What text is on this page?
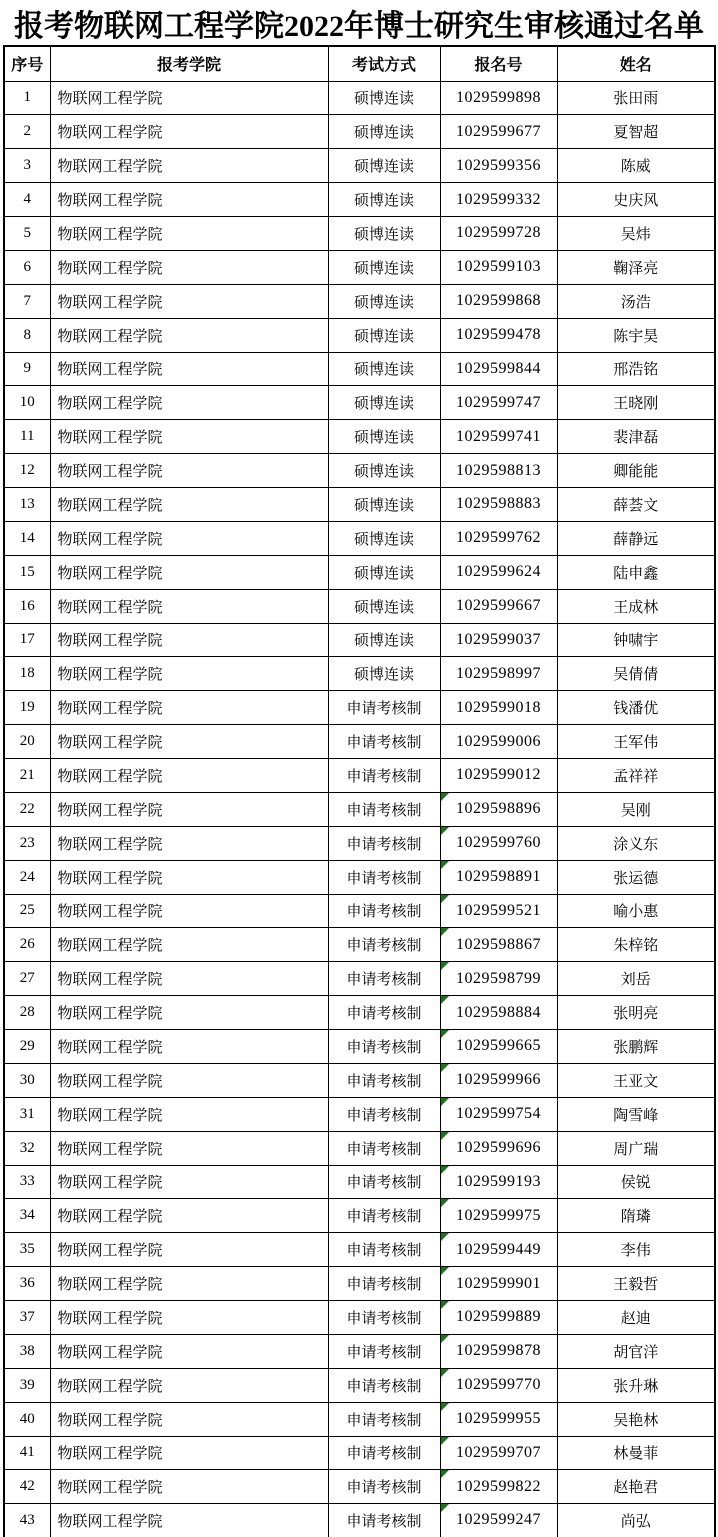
报考物联网工程学院2022年博士研究生审核通过名单
序号	报考学院	考试方式	报名号	姓名
1	物联网工程学院	硕博连读	1029599898	张田雨
2	物联网工程学院	硕博连读	1029599677	夏智超
3	物联网工程学院	硕博连读	1029599356	陈威
4	物联网工程学院	硕博连读	1029599332	史庆风
5	物联网工程学院	硕博连读	1029599728	吴炜
6	物联网工程学院	硕博连读	1029599103	鞠泽亮
7	物联网工程学院	硕博连读	1029599868	汤浩
8	物联网工程学院	硕博连读	1029599478	陈宇昊
9	物联网工程学院	硕博连读	1029599844	邢浩铭
10	物联网工程学院	硕博连读	1029599747	王晓刚
11	物联网工程学院	硕博连读	1029599741	裴津磊
12	物联网工程学院	硕博连读	1029598813	卿能能
13	物联网工程学院	硕博连读	1029598883	薛荟文
14	物联网工程学院	硕博连读	1029599762	薛静远
15	物联网工程学院	硕博连读	1029599624	陆申鑫
16	物联网工程学院	硕博连读	1029599667	王成林
17	物联网工程学院	硕博连读	1029599037	钟啸宇
18	物联网工程学院	硕博连读	1029598997	吴倩倩
19	物联网工程学院	申请考核制	1029599018	钱潘优
20	物联网工程学院	申请考核制	1029599006	王军伟
21	物联网工程学院	申请考核制	1029599012	孟祥祥
22	物联网工程学院	申请考核制	1029598896	吴刚
23	物联网工程学院	申请考核制	1029599760	涂义东
24	物联网工程学院	申请考核制	1029598891	张运德
25	物联网工程学院	申请考核制	1029599521	喻小惠
26	物联网工程学院	申请考核制	1029598867	朱梓铭
27	物联网工程学院	申请考核制	1029598799	刘岳
28	物联网工程学院	申请考核制	1029598884	张明亮
29	物联网工程学院	申请考核制	1029599665	张鹏辉
30	物联网工程学院	申请考核制	1029599966	王亚文
31	物联网工程学院	申请考核制	1029599754	陶雪峰
32	物联网工程学院	申请考核制	1029599696	周广瑞
33	物联网工程学院	申请考核制	1029599193	侯锐
34	物联网工程学院	申请考核制	1029599975	隋璘
35	物联网工程学院	申请考核制	1029599449	李伟
36	物联网工程学院	申请考核制	1029599901	王毅哲
37	物联网工程学院	申请考核制	1029599889	赵迪
38	物联网工程学院	申请考核制	1029599878	胡官洋
39	物联网工程学院	申请考核制	1029599770	张升琳
40	物联网工程学院	申请考核制	1029599955	吴艳林
41	物联网工程学院	申请考核制	1029599707	林曼菲
42	物联网工程学院	申请考核制	1029599822	赵艳君
43	物联网工程学院	申请考核制	1029599247	尚弘
